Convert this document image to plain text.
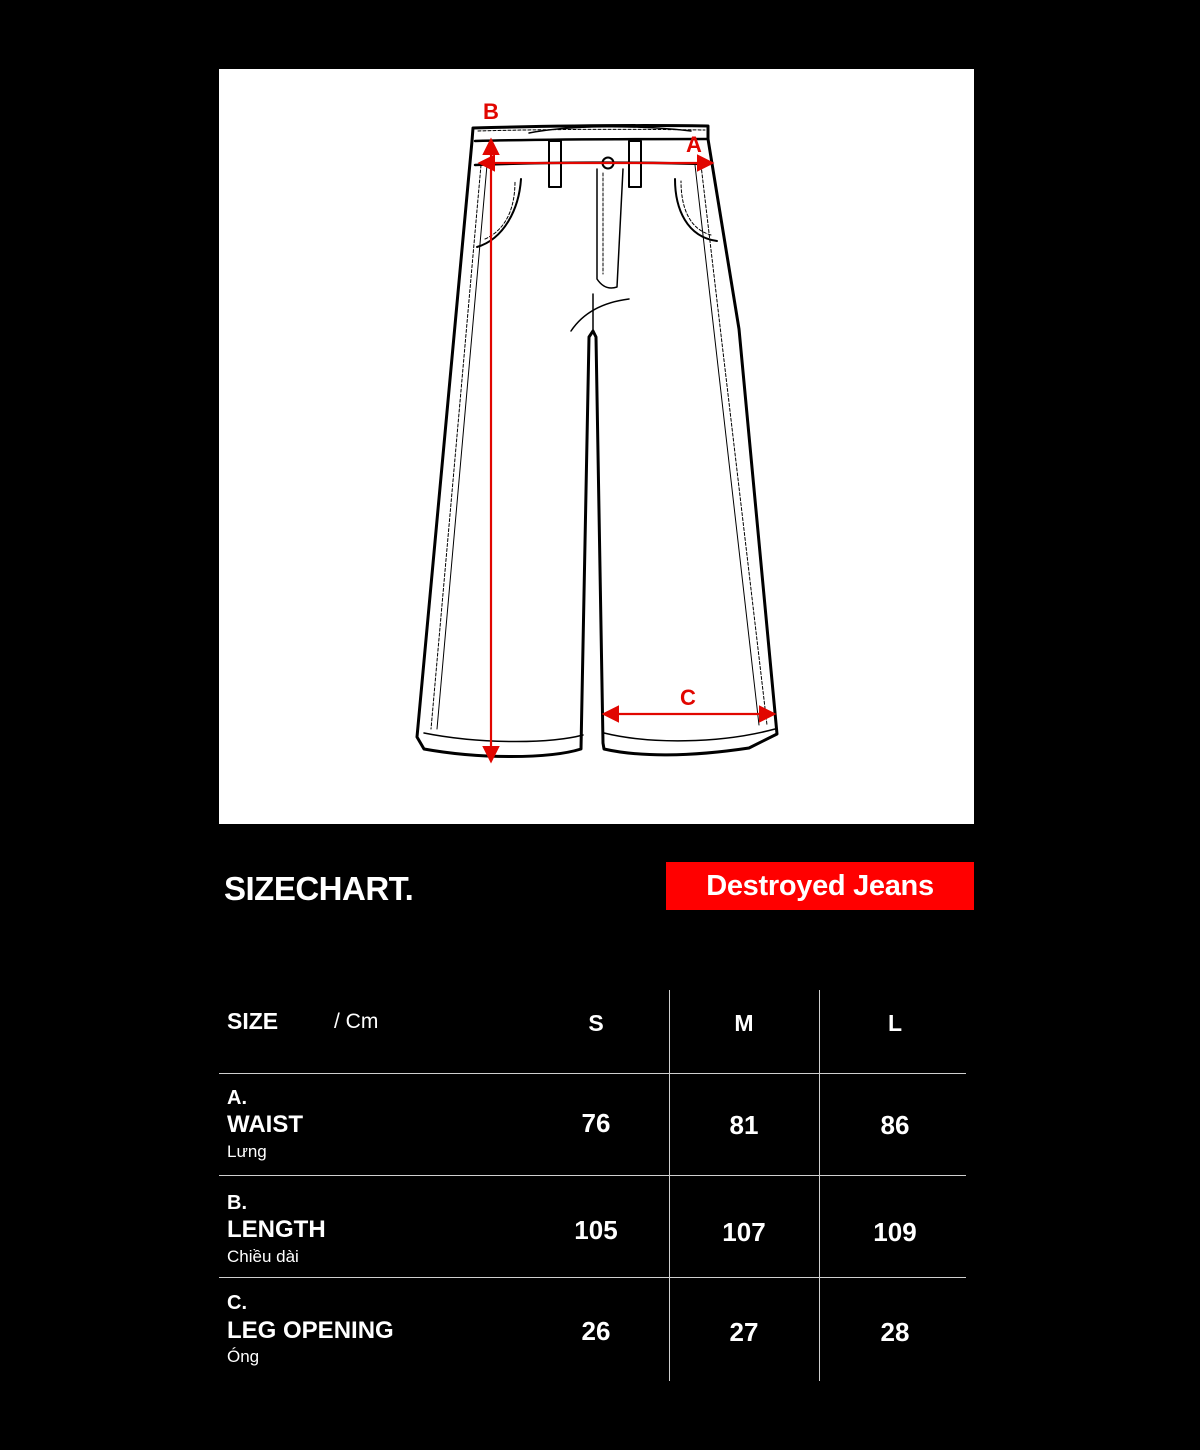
B
A
C
SIZECHART.	Destroyed Jeans
SIZE	/ Cm	S	M	L
A.
WAIST
Lưng
76	81	86
B.
LENGTH
Chiều dài
105	107	109
C.
LEG OPENING
Óng
26	27	28
